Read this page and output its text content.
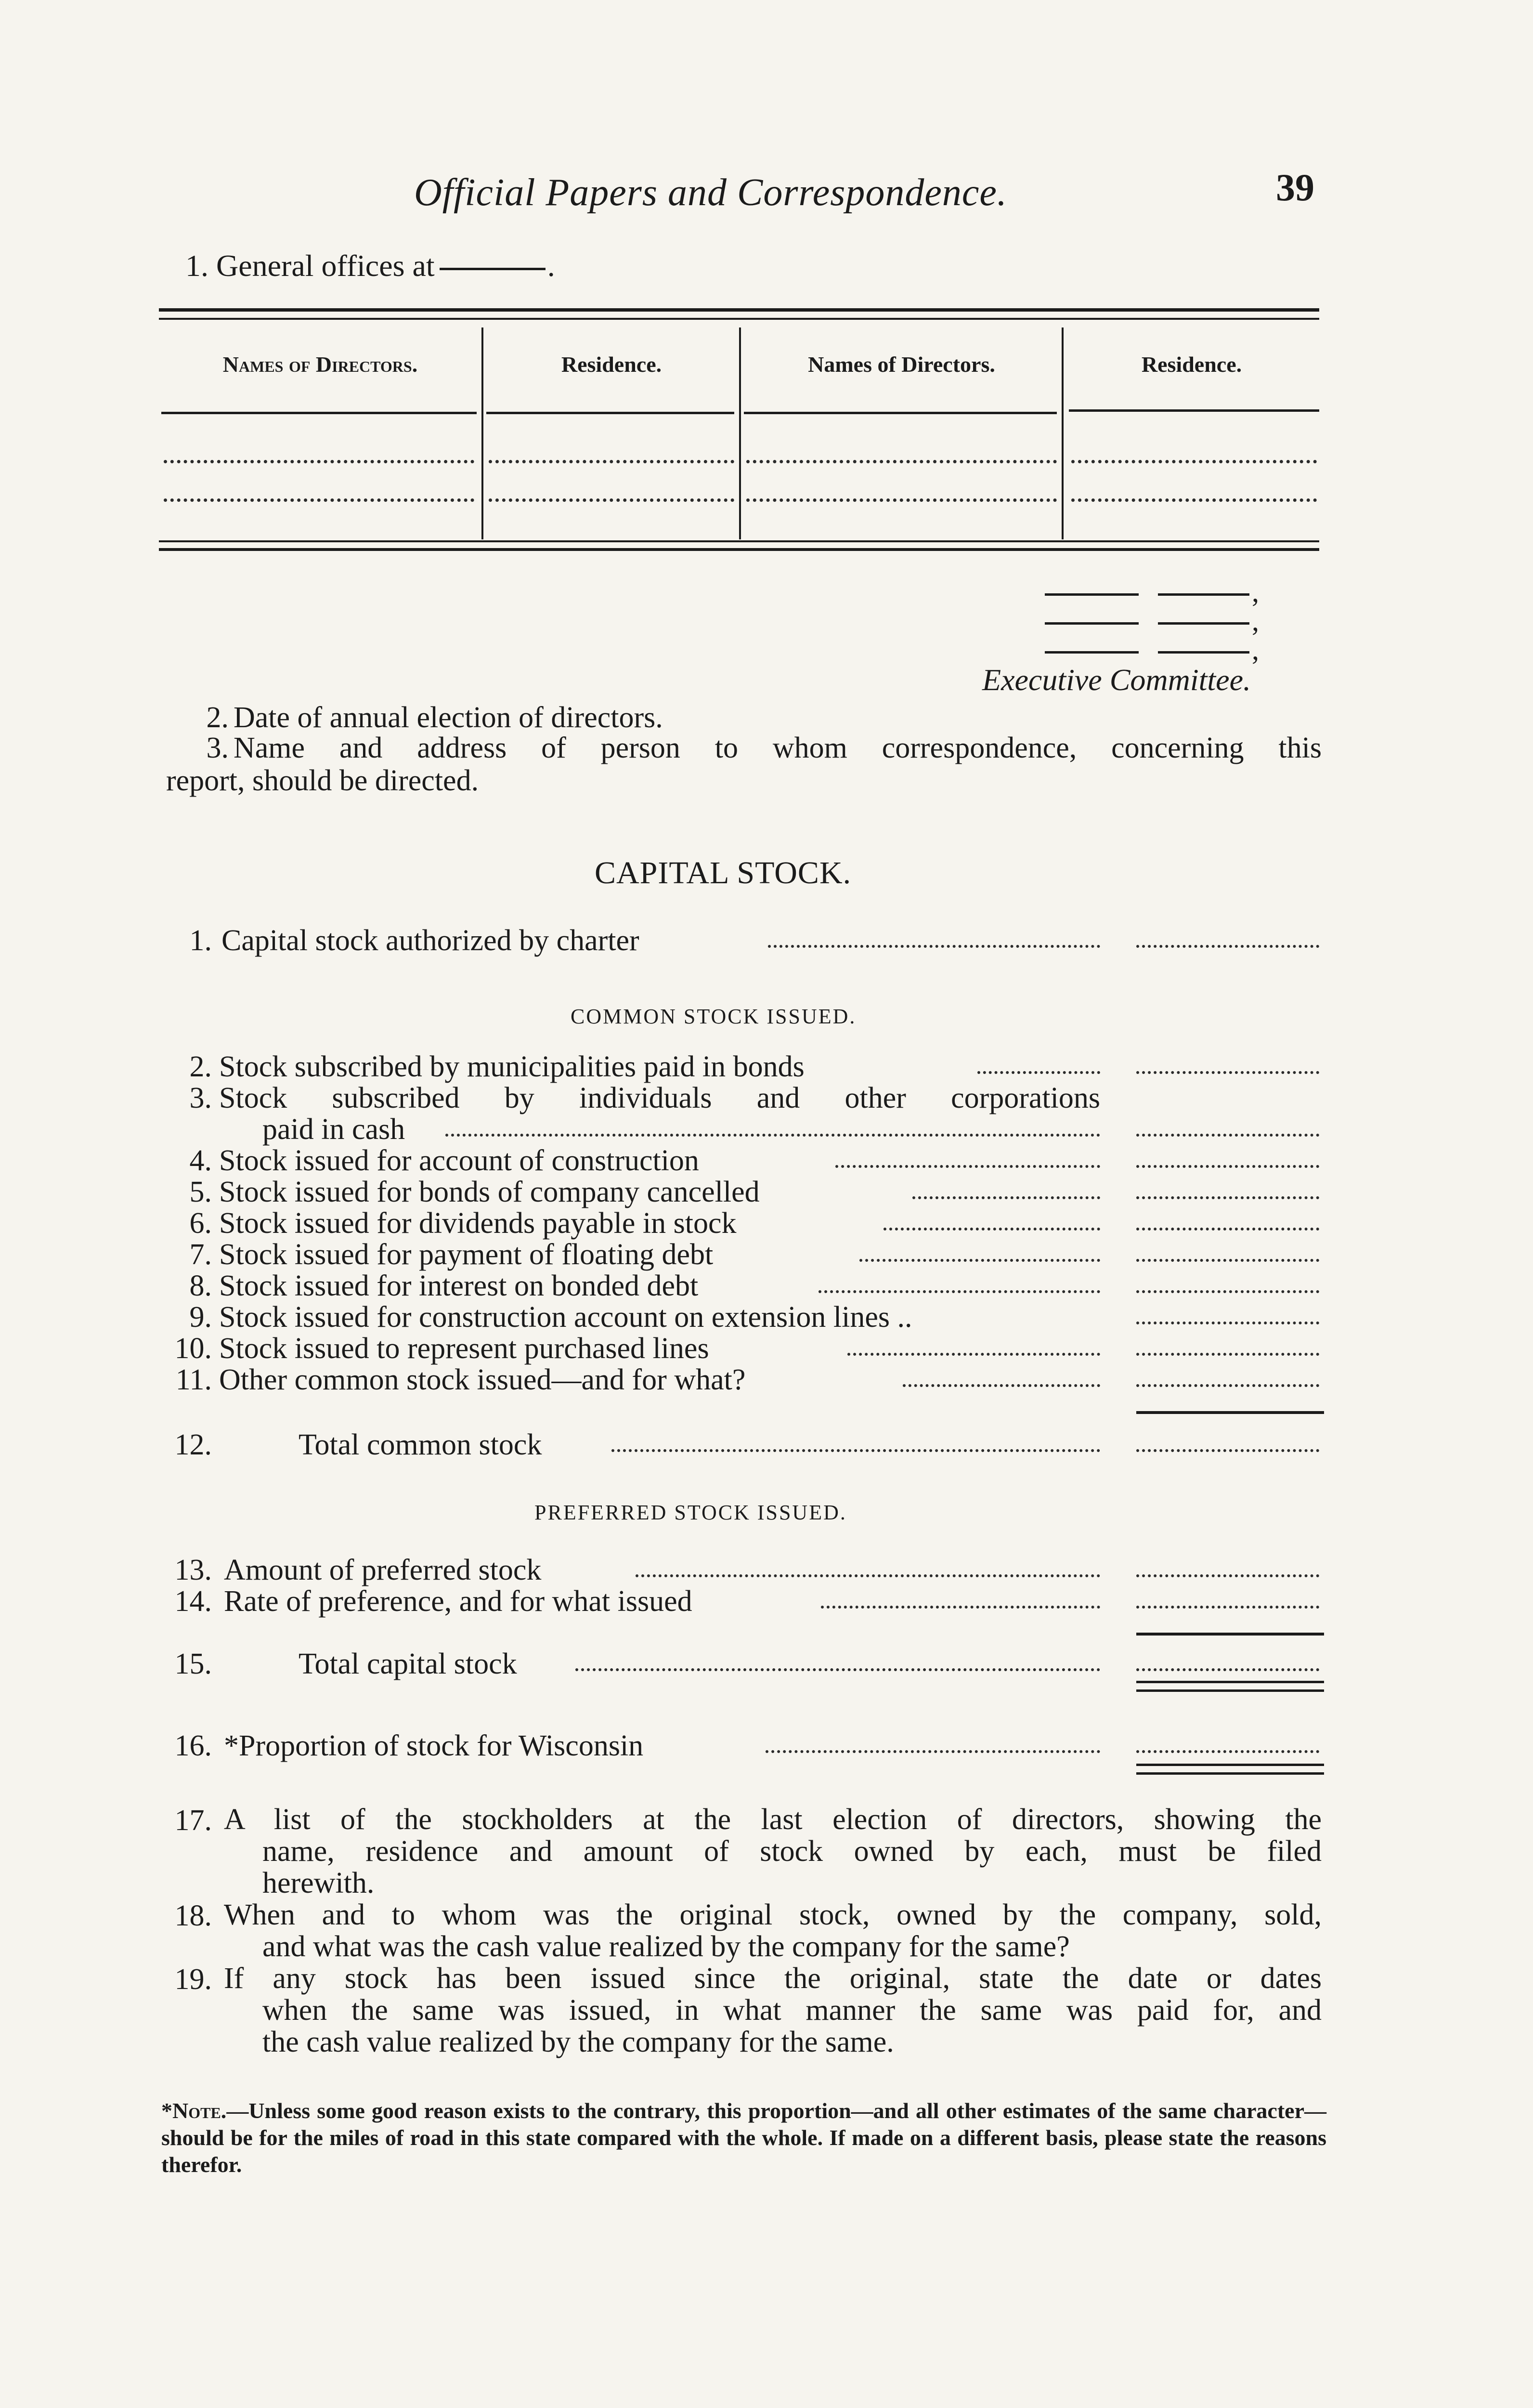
Official Papers and Correspondence.	39
1. General offices at	.
Names of Directors.	Residence.	Names of Directors.	Residence.
,
,
,
Executive Committee.
2. Date of annual election of directors.
3. Name and address of person to whom correspondence, concerning this
report, should be directed.
CAPITAL STOCK.
1. Capital stock authorized by charter
COMMON STOCK ISSUED.
2. Stock subscribed by municipalities paid in bonds
3. Stock subscribed by individuals and other corporations
paid in cash
4. Stock issued for account of construction
5. Stock issued for bonds of company cancelled
6. Stock issued for dividends payable in stock
7. Stock issued for payment of floating debt
8. Stock issued for interest on bonded debt
9. Stock issued for construction account on extension lines ..
10. Stock issued to represent purchased lines
11. Other common stock issued—and for what?
12.	Total common stock
PREFERRED STOCK ISSUED.
13. Amount of preferred stock
14. Rate of preference, and for what issued
15.	Total capital stock
16. *Proportion of stock for Wisconsin
17. A list of the stockholders at the last election of directors, showing the
name, residence and amount of stock owned by each, must be filed
herewith.
18. When and to whom was the original stock, owned by the company, sold,
and what was the cash value realized by the company for the same?
19. If any stock has been issued since the original, state the date or dates
when the same was issued, in what manner the same was paid for, and
the cash value realized by the company for the same.
*Note.—Unless some good reason exists to the contrary, this proportion—and all other estimates of the same character—should be for the miles of road in this state compared with the whole. If made on a different basis, please state the reasons therefor.
